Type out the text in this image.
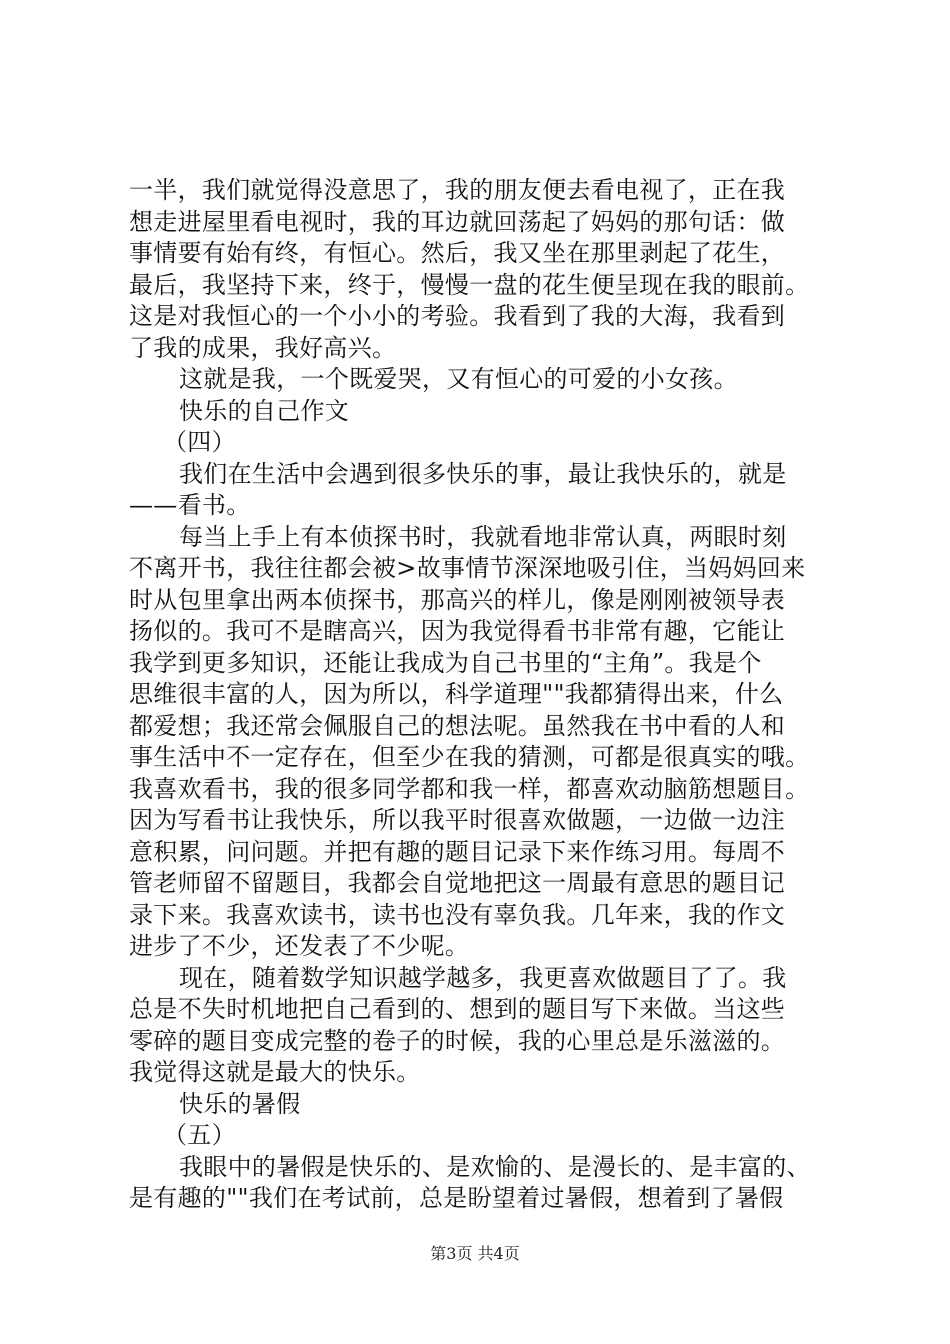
一半，我们就觉得没意思了，我的朋友便去看电视了，正在我
想走进屋里看电视时，我的耳边就回荡起了妈妈的那句话：做
事情要有始有终，有恒心。然后，我又坐在那里剥起了花生，
最后，我坚持下来，终于，慢慢一盘的花生便呈现在我的眼前。
这是对我恒心的一个小小的考验。我看到了我的大海，我看到
了我的成果，我好高兴。
这就是我，一个既爱哭，又有恒心的可爱的小女孩。
快乐的自己作文
（四）
我们在生活中会遇到很多快乐的事，最让我快乐的，就是
——看书。
每当上手上有本侦探书时，我就看地非常认真，两眼时刻
不离开书，我往往都会被>故事情节深深地吸引住，当妈妈回来
时从包里拿出两本侦探书，那高兴的样儿，像是刚刚被领导表
扬似的。我可不是瞎高兴，因为我觉得看书非常有趣，它能让
我学到更多知识，还能让我成为自己书里的“主角”。我是个
思维很丰富的人，因为所以，科学道理""我都猜得出来，什么
都爱想；我还常会佩服自己的想法呢。虽然我在书中看的人和
事生活中不一定存在，但至少在我的猜测，可都是很真实的哦。
我喜欢看书，我的很多同学都和我一样，都喜欢动脑筋想题目。
因为写看书让我快乐，所以我平时很喜欢做题，一边做一边注
意积累，问问题。并把有趣的题目记录下来作练习用。每周不
管老师留不留题目，我都会自觉地把这一周最有意思的题目记
录下来。我喜欢读书，读书也没有辜负我。几年来，我的作文
进步了不少，还发表了不少呢。
现在，随着数学知识越学越多，我更喜欢做题目了了。我
总是不失时机地把自己看到的、想到的题目写下来做。当这些
零碎的题目变成完整的卷子的时候，我的心里总是乐滋滋的。
我觉得这就是最大的快乐。
快乐的暑假
（五）
我眼中的暑假是快乐的、是欢愉的、是漫长的、是丰富的、
是有趣的""我们在考试前，总是盼望着过暑假，想着到了暑假
第3页 共4页
